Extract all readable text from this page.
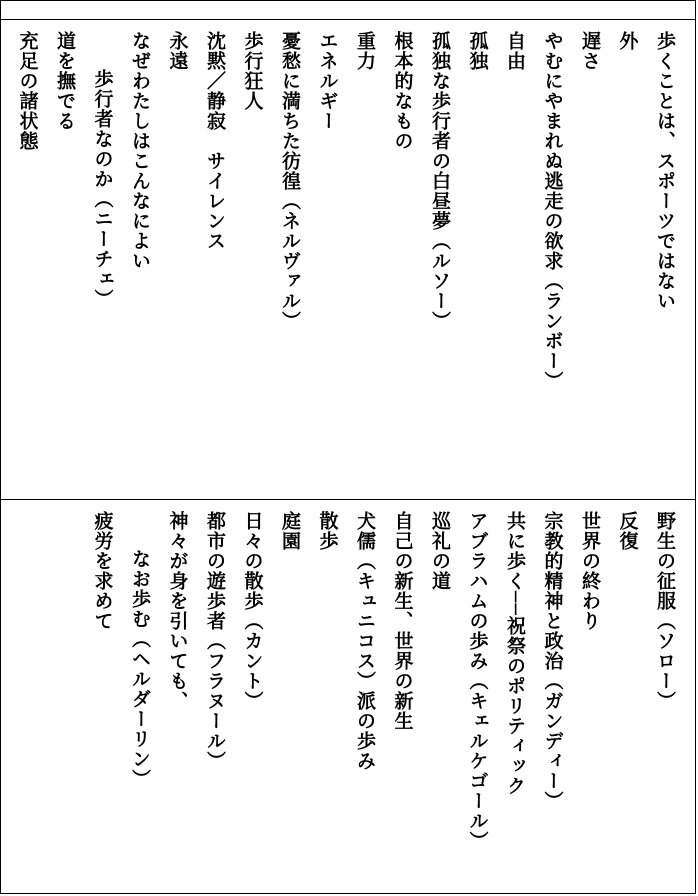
歩くことは、スポーツではない
外
遅さ
やむにやまれぬ逃走の欲求（ランボー）
自由
孤独
孤独な歩行者の白昼夢（ルソー）
根本的なもの
重力
エネルギー
憂愁に満ちた彷徨（ネルヴァル）
歩行狂人
沈黙／静寂　サイレンス
永遠
なぜわたしはこんなによい
歩行者なのか（ニーチェ）
道を撫でる
充足の諸状態
野生の征服（ソロー）
反復
世界の終わり
宗教的精神と政治（ガンディー）
共に歩く──祝祭のポリティック
アブラハムの歩み（キェルケゴール）
巡礼の道
自己の新生、世界の新生
犬儒（キュニコス）派の歩み
散歩
庭園
日々の散歩（カント）
都市の遊歩者（フラヌール）
神々が身を引いても、
なお歩む（ヘルダーリン）
疲労を求めて
